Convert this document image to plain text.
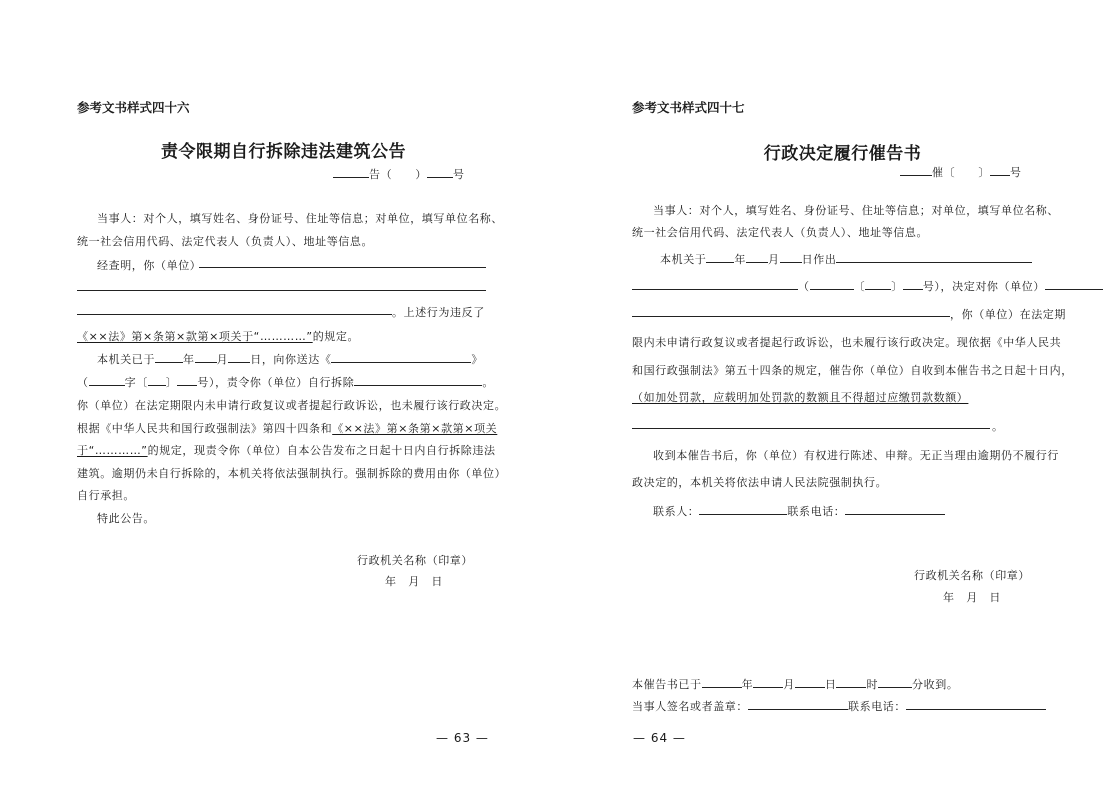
参考文书样式四十六
责令限期自行拆除违法建筑公告
告（　　） 号
当事人：对个人，填写姓名、身份证号、住址等信息；对单位，填写单位名称、
统一社会信用代码、法定代表人（负责人）、地址等信息。
经查明，你（单位）
。上述行为违反了
《××法》第×条第×款第×项关于“…………”的规定。
本机关已于	年 月 日，向你送达《	》
（	字〔 〕 号），责令你（单位）自行拆除	。
你（单位）在法定期限内未申请行政复议或者提起行政诉讼，也未履行该行政决定。
根据《中华人民共和国行政强制法》第四十四条和《××法》第×条第×款第×项关
于“…………”的规定，现责令你（单位）自本公告发布之日起十日内自行拆除违法
建筑。逾期仍未自行拆除的，本机关将依法强制执行。强制拆除的费用由你（单位）
自行承担。
特此公告。
行政机关名称（印章）
年　月　日
— 63 —
参考文书样式四十七
行政决定履行催告书
催〔　　〕 号
当事人：对个人，填写姓名、身份证号、住址等信息；对单位，填写单位名称、
统一社会信用代码、法定代表人（负责人）、地址等信息。
本机关于	年 月 日作出
（	〔 〕 号），决定对你（单位）
，你（单位）在法定期
限内未申请行政复议或者提起行政诉讼，也未履行该行政决定。现依据《中华人民共
和国行政强制法》第五十四条的规定，催告你（单位）自收到本催告书之日起十日内，
（如加处罚款，应载明加处罚款的数额且不得超过应缴罚款数额）
。
收到本催告书后，你（单位）有权进行陈述、申辩。无正当理由逾期仍不履行行
政决定的，本机关将依法申请人民法院强制执行。
联系人：	联系电话：
行政机关名称（印章）
年　月　日
本催告书已于	年	月	日	时	分收到。
当事人签名或者盖章：	联系电话：
— 64 —
